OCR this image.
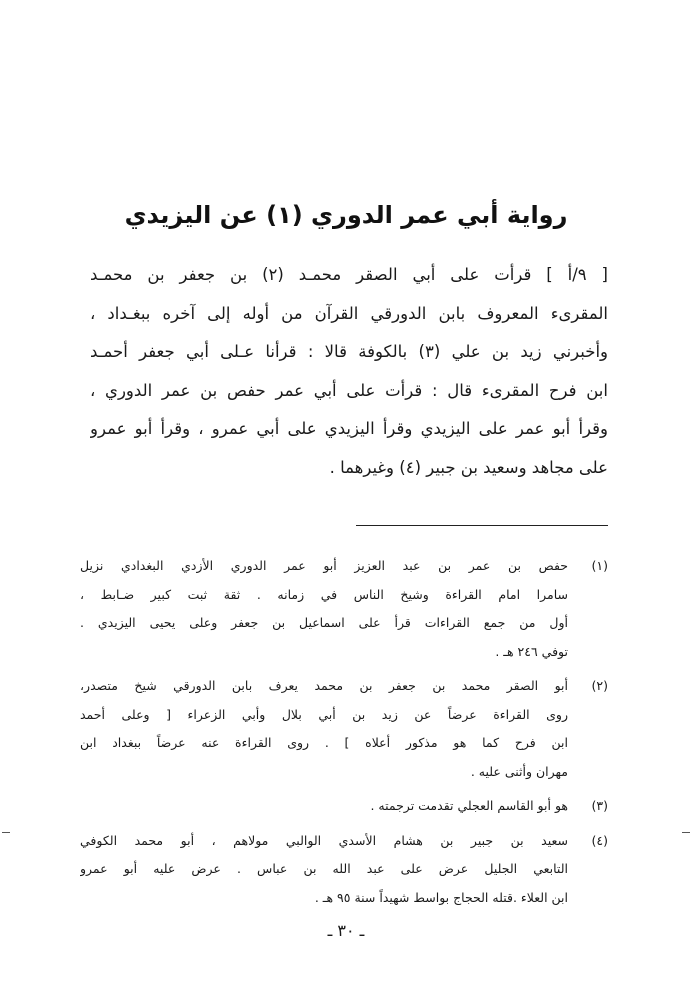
رواية أبي عمر الدوري (١) عن اليزيدي
[ ٩/أ ] قرأت على أبي الصقر محمـد (٢) بن جعفر بن محمـد
المقرىء المعروف بابن الدورقي القرآن من أوله إلى آخره ببغـداد ،
وأخبرني زيد بن علي (٣) بالكوفة قالا : قرأنا عـلى أبي جعفر أحمـد
ابن فرح المقرىء قال : قرأت على أبي عمر حفص بن عمر الدوري ،
وقرأ أبو عمر على اليزيدي وقرأ اليزيدي على أبي عمرو ، وقرأ أبو عمرو
على مجاهد وسعيد بن جبير (٤) وغيرهما .
(١)
حفص بن عمر بن عبد العزيز أبو عمر الدوري الأزدي البغدادي نزيل
سامرا امام القراءة وشيخ الناس في زمانه . ثقة ثبت كبير ضـابط ،
أول من جمع القراءات قرأ على اسماعيل بن جعفر وعلى يحيى اليزيدي .
توفي ٢٤٦ هـ .
(٢)
أبو الصقر محمد بن جعفر بن محمد يعرف بابن الدورقي شيخ متصدر،
روى القراءة عرضاً عن زيد بن أبي بلال وأبي الزعراء [ وعلى أحمد
ابن فرح كما هو مذكور أعلاه ] . روى القراءة عنه عرضاً ببغداد ابن
مهران وأثنى عليه .
(٣)
هو أبو القاسم العجلي تقدمت ترجمته .
(٤)
سعيد بن جبير بن هشام الأسدي الوالبي مولاهم ، أبو محمد الكوفي
التابعي الجليل عرض على عبد الله بن عباس . عرض عليه أبو عمرو
ابن العلاء .قتله الحجاج بواسط شهيداً سنة ٩٥ هـ .
ـ ٣٠ ـ
